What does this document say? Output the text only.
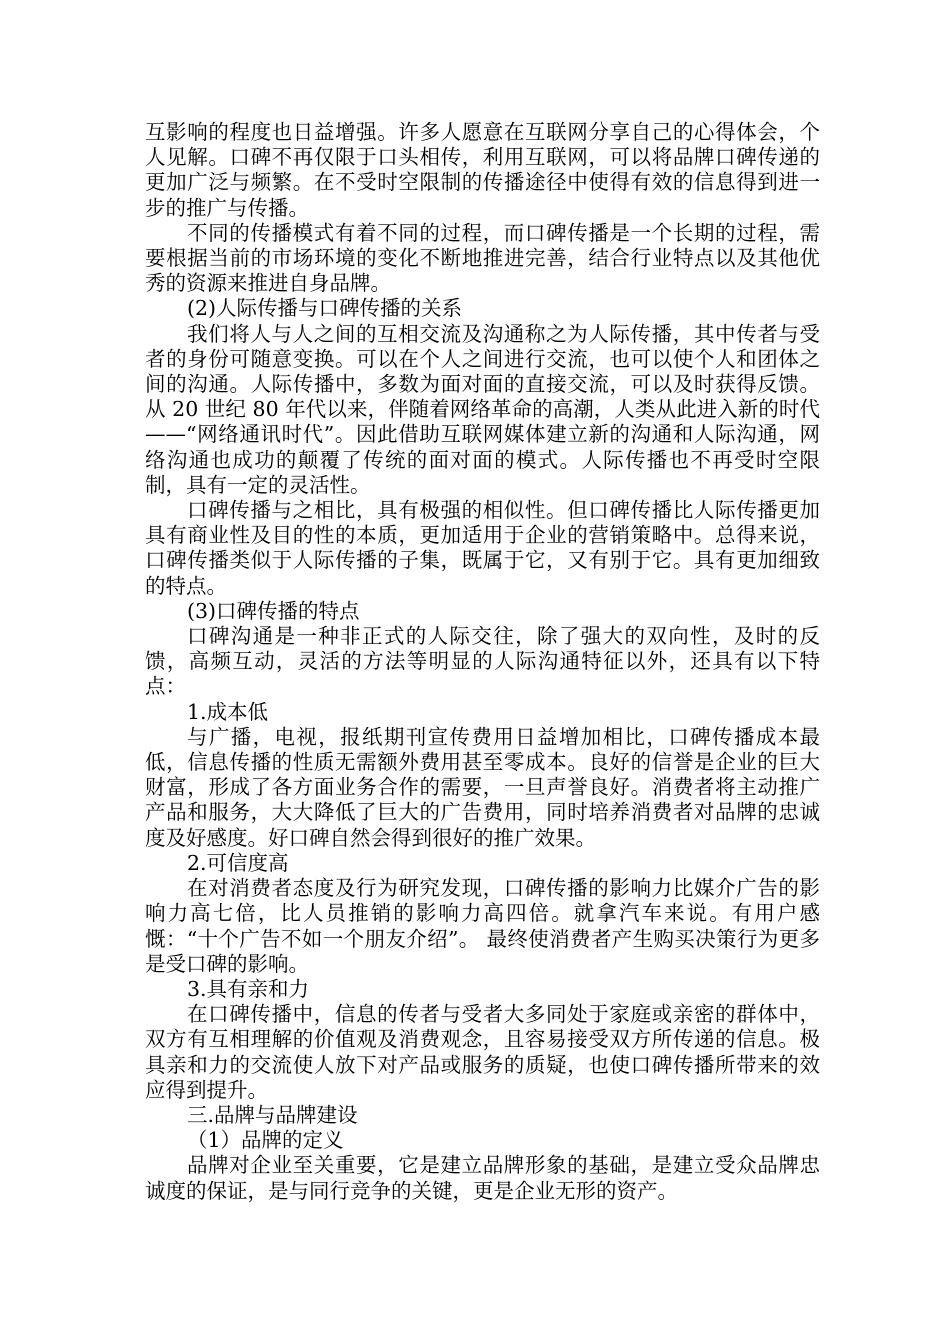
互影响的程度也日益增强。许多人愿意在互联网分享自己的心得体会，个人见解。口碑不再仅限于口头相传，利用互联网，可以将品牌口碑传递的更加广泛与频繁。在不受时空限制的传播途径中使得有效的信息得到进一步的推广与传播。

不同的传播模式有着不同的过程，而口碑传播是一个长期的过程，需要根据当前的市场环境的变化不断地推进完善，结合行业特点以及其他优秀的资源来推进自身品牌。

(2)人际传播与口碑传播的关系

我们将人与人之间的互相交流及沟通称之为人际传播，其中传者与受者的身份可随意变换。可以在个人之间进行交流，也可以使个人和团体之间的沟通。人际传播中，多数为面对面的直接交流，可以及时获得反馈。从 20 世纪 80 年代以来，伴随着网络革命的高潮，人类从此进入新的时代——“网络通讯时代”。因此借助互联网媒体建立新的沟通和人际沟通，网络沟通也成功的颠覆了传统的面对面的模式。人际传播也不再受时空限制，具有一定的灵活性。

口碑传播与之相比，具有极强的相似性。但口碑传播比人际传播更加具有商业性及目的性的本质，更加适用于企业的营销策略中。总得来说，口碑传播类似于人际传播的子集，既属于它，又有别于它。具有更加细致的特点。

(3)口碑传播的特点

口碑沟通是一种非正式的人际交往，除了强大的双向性，及时的反馈，高频互动，灵活的方法等明显的人际沟通特征以外，还具有以下特点：

1.成本低

与广播，电视，报纸期刊宣传费用日益增加相比，口碑传播成本最低，信息传播的性质无需额外费用甚至零成本。良好的信誉是企业的巨大财富，形成了各方面业务合作的需要，一旦声誉良好。消费者将主动推广产品和服务，大大降低了巨大的广告费用，同时培养消费者对品牌的忠诚度及好感度。好口碑自然会得到很好的推广效果。

2.可信度高

在对消费者态度及行为研究发现，口碑传播的影响力比媒介广告的影响力高七倍，比人员推销的影响力高四倍。就拿汽车来说。有用户感慨：“十个广告不如一个朋友介绍”。 最终使消费者产生购买决策行为更多是受口碑的影响。

3.具有亲和力

在口碑传播中，信息的传者与受者大多同处于家庭或亲密的群体中，双方有互相理解的价值观及消费观念，且容易接受双方所传递的信息。极具亲和力的交流使人放下对产品或服务的质疑，也使口碑传播所带来的效应得到提升。

三.品牌与品牌建设

（1）品牌的定义

品牌对企业至关重要，它是建立品牌形象的基础，是建立受众品牌忠诚度的保证，是与同行竞争的关键，更是企业无形的资产。
